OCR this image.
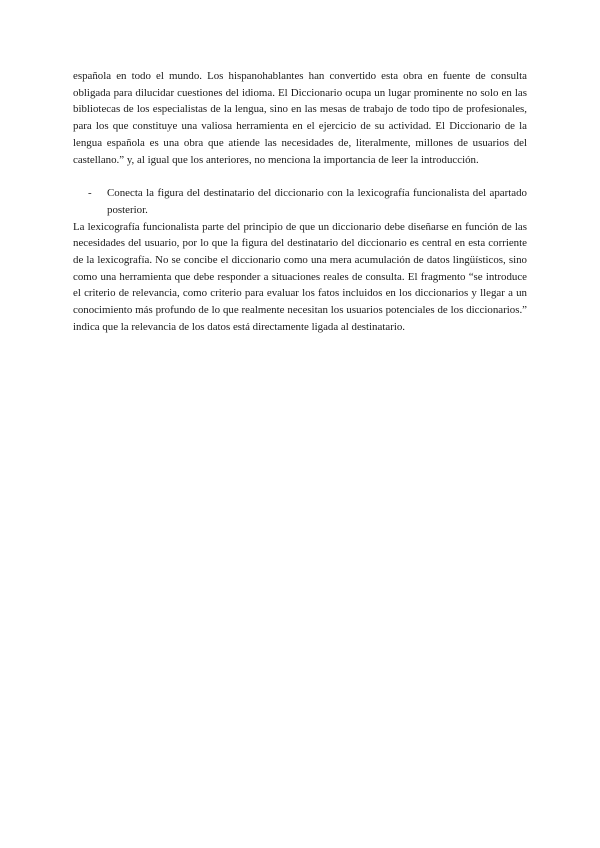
española en todo el mundo. Los hispanohablantes han convertido esta obra en fuente de consulta obligada para dilucidar cuestiones del idioma. El Diccionario ocupa un lugar prominente no solo en las bibliotecas de los especialistas de la lengua, sino en las mesas de trabajo de todo tipo de profesionales, para los que constituye una valiosa herramienta en el ejercicio de su actividad. El Diccionario de la lengua española es una obra que atiende las necesidades de, literalmente, millones de usuarios del castellano.” y, al igual que los anteriores, no menciona la importancia de leer la introducción.

-	Conecta la figura del destinatario del diccionario con la lexicografía funcionalista del apartado posterior.

La lexicografía funcionalista parte del principio de que un diccionario debe diseñarse en función de las necesidades del usuario, por lo que la figura del destinatario del diccionario es central en esta corriente de la lexicografía. No se concibe el diccionario como una mera acumulación de datos lingüísticos, sino como una herramienta que debe responder a situaciones reales de consulta. El fragmento “se introduce el criterio de relevancia, como criterio para evaluar los fatos incluidos en los diccionarios y llegar a un conocimiento más profundo de lo que realmente necesitan los usuarios potenciales de los diccionarios.” indica que la relevancia de los datos está directamente ligada al destinatario.
